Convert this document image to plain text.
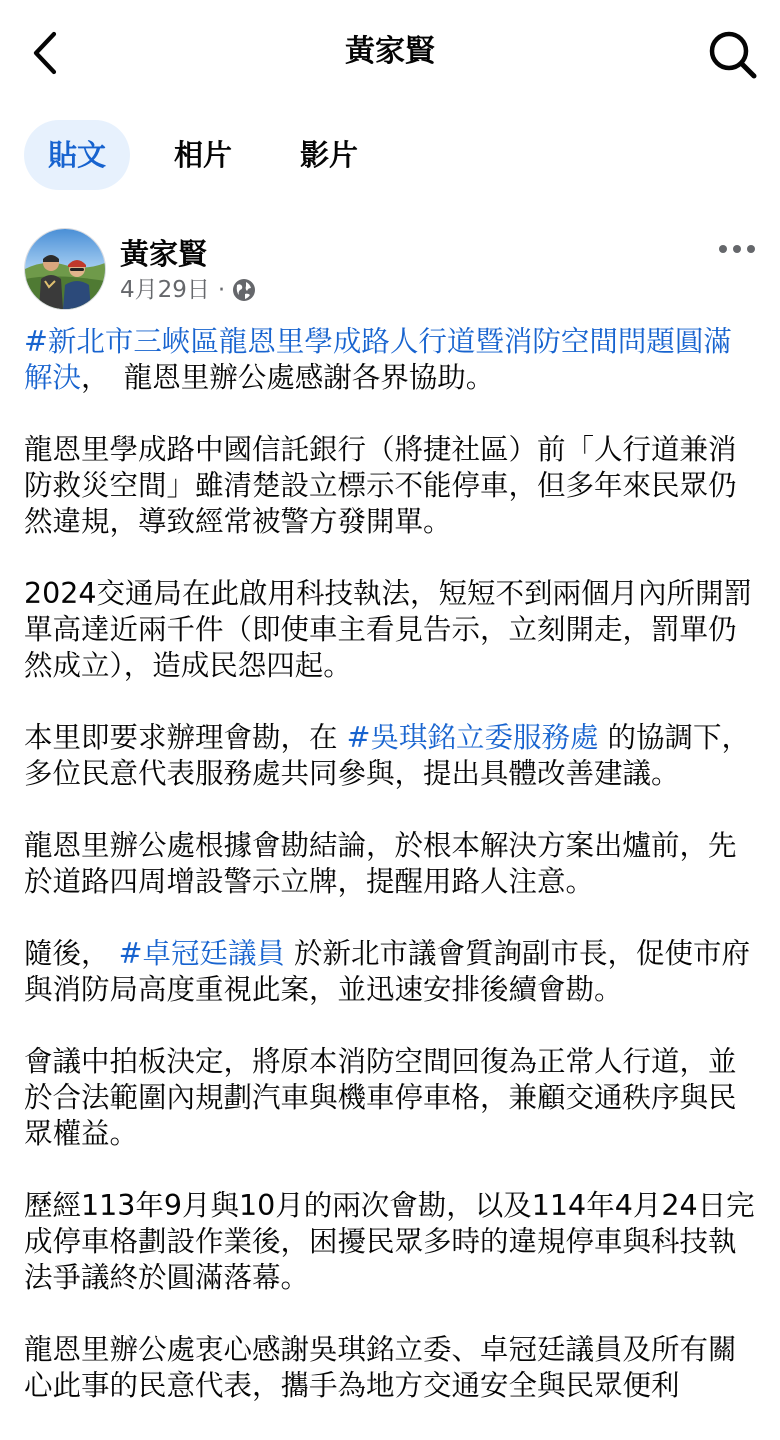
黃家賢
貼文	相片	影片
黃家賢
4月29日 ·

#新北市三峽區龍恩里學成路人行道暨消防空間問題圓滿解決，　龍恩里辦公處感謝各界協助。

龍恩里學成路中國信託銀行（將捷社區）前「人行道兼消防救災空間」雖清楚設立標示不能停車，但多年來民眾仍然違規，導致經常被警方發開單。

2024交通局在此啟用科技執法，短短不到兩個月內所開罰單高達近兩千件（即使車主看見告示，立刻開走，罰單仍然成立），造成民怨四起。

本里即要求辦理會勘，在 #吳琪銘立委服務處 的協調下，多位民意代表服務處共同參與，提出具體改善建議。

龍恩里辦公處根據會勘結論，於根本解決方案出爐前，先於道路四周增設警示立牌，提醒用路人注意。

隨後， #卓冠廷議員 於新北市議會質詢副市長，促使市府與消防局高度重視此案，並迅速安排後續會勘。

會議中拍板決定，將原本消防空間回復為正常人行道，並於合法範圍內規劃汽車與機車停車格，兼顧交通秩序與民眾權益。

歷經113年9月與10月的兩次會勘，以及114年4月24日完成停車格劃設作業後，困擾民眾多時的違規停車與科技執法爭議終於圓滿落幕。

龍恩里辦公處衷心感謝吳琪銘立委、卓冠廷議員及所有關心此事的民意代表，攜手為地方交通安全與民眾便利
